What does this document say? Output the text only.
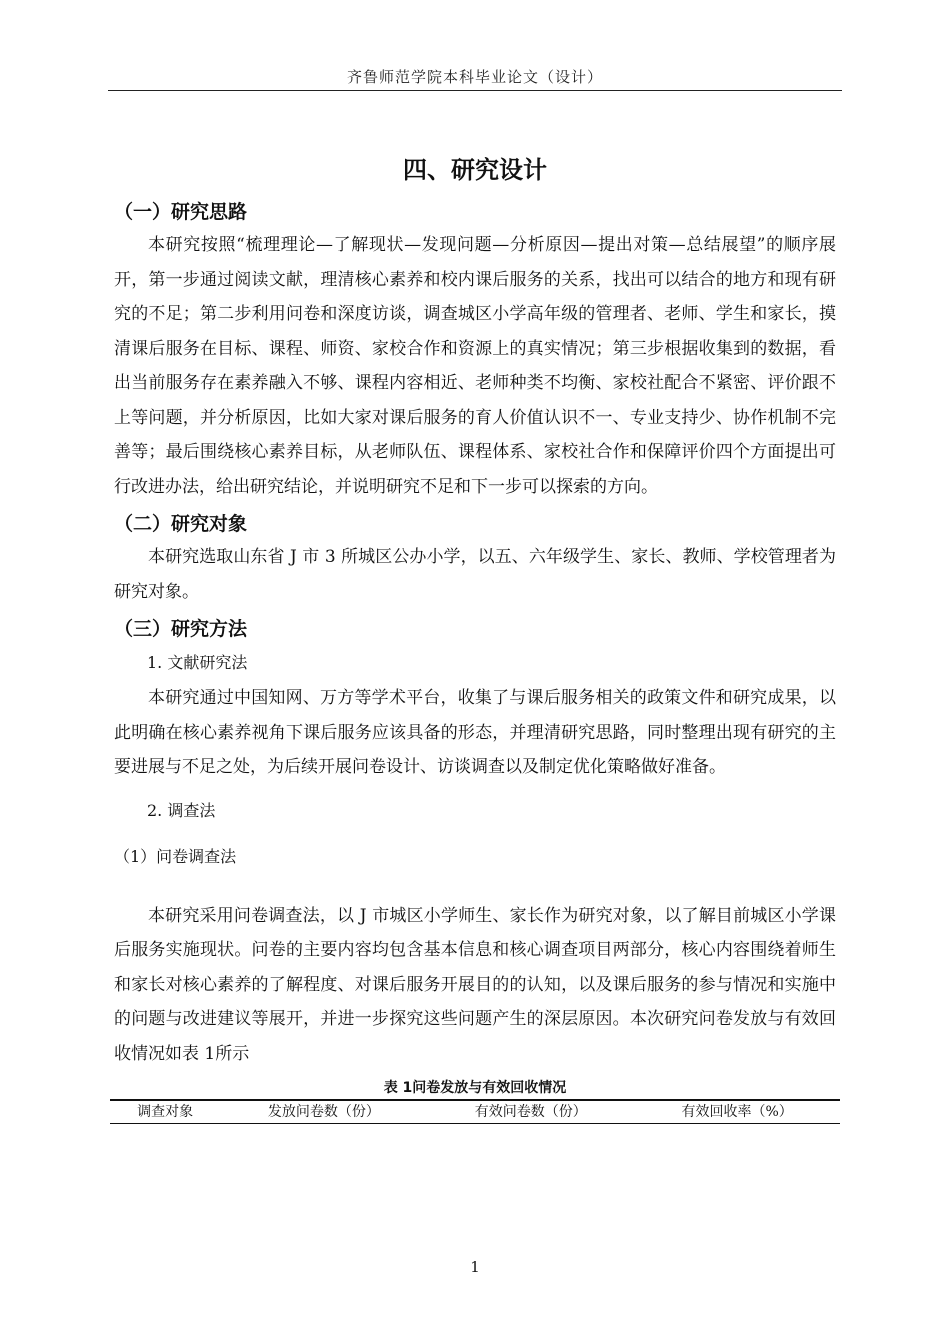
齐鲁师范学院本科毕业论文（设计）
四、研究设计
（一）研究思路

本研究按照“梳理理论—了解现状—发现问题—分析原因—提出对策—总结展望”的顺序展开，第一步通过阅读文献，理清核心素养和校内课后服务的关系，找出可以结合的地方和现有研究的不足；第二步利用问卷和深度访谈，调查城区小学高年级的管理者、老师、学生和家长，摸清课后服务在目标、课程、师资、家校合作和资源上的真实情况；第三步根据收集到的数据，看出当前服务存在素养融入不够、课程内容相近、老师种类不均衡、家校社配合不紧密、评价跟不上等问题，并分析原因，比如大家对课后服务的育人价值认识不一、专业支持少、协作机制不完善等；最后围绕核心素养目标，从老师队伍、课程体系、家校社合作和保障评价四个方面提出可行改进办法，给出研究结论，并说明研究不足和下一步可以探索的方向。

（二）研究对象

本研究选取山东省 J 市 3 所城区公办小学，以五、六年级学生、家长、教师、学校管理者为研究对象。

（三）研究方法
1. 文献研究法

本研究通过中国知网、万方等学术平台，收集了与课后服务相关的政策文件和研究成果，以此明确在核心素养视角下课后服务应该具备的形态，并理清研究思路，同时整理出现有研究的主要进展与不足之处，为后续开展问卷设计、访谈调查以及制定优化策略做好准备。

2. 调查法
（1）问卷调查法

本研究采用问卷调查法，以 J 市城区小学师生、家长作为研究对象，以了解目前城区小学课后服务实施现状。问卷的主要内容均包含基本信息和核心调查项目两部分，核心内容围绕着师生和家长对核心素养的了解程度、对课后服务开展目的的认知，以及课后服务的参与情况和实施中的问题与改进建议等展开，并进一步探究这些问题产生的深层原因。本次研究问卷发放与有效回收情况如表 1所示

表 1问卷发放与有效回收情况
调查对象	发放问卷数（份）	有效问卷数（份）	有效回收率（%）
1
